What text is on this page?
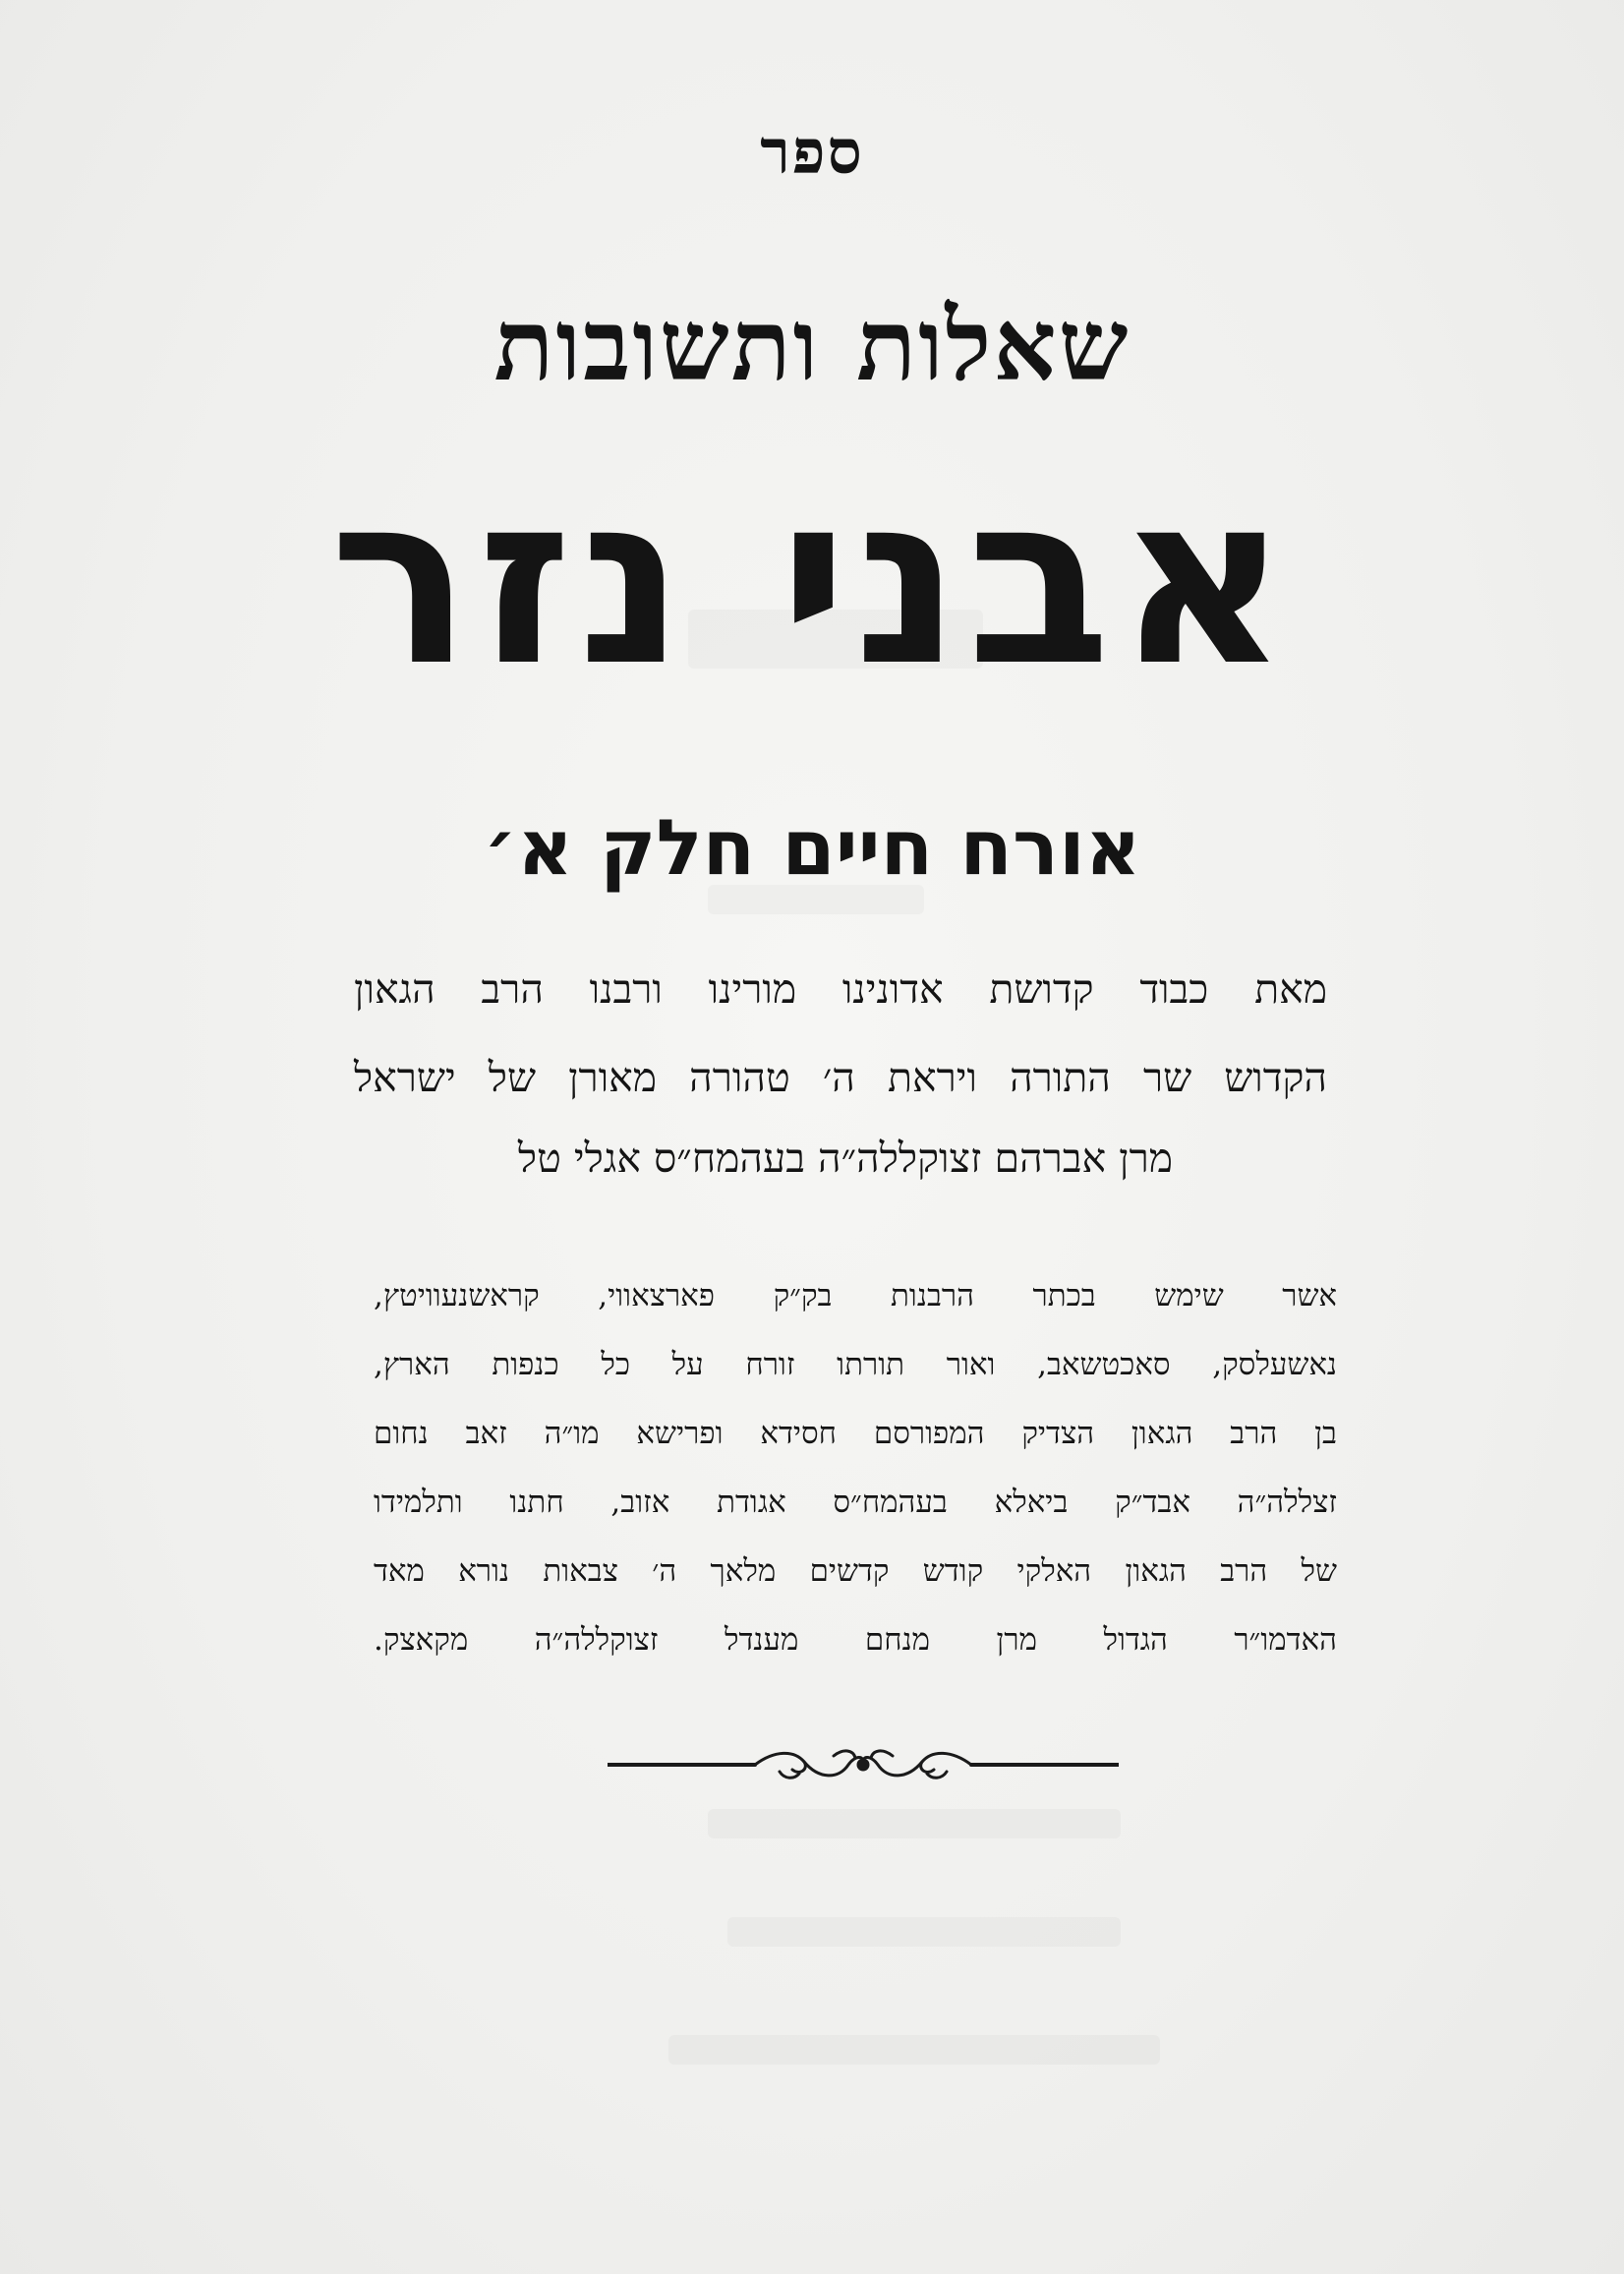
ספר
שאלות ותשובות
אבני נזר
אורח חיים חלק א׳
מאת כבוד קדושת אדונינו מורינו ורבנו הרב הגאון
הקדוש שר התורה ויראת ה׳ טהורה מאורן של ישראל
מרן אברהם זצוקללה״ה בעהמח״ס אגלי טל
אשר שימש בכתר הרבנות בק״ק פארצאווי, קראשנעוויטץ,
נאשעלסק, סאכטשאב, ואור תורתו זורח על כל כנפות הארץ,
בן הרב הגאון הצדיק המפורסם חסידא ופרישא מו״ה זאב נחום
זצללה״ה אבד״ק ביאלא בעהמח״ס אגודת אזוב, חתנו ותלמידו
של הרב הגאון האלקי קודש קדשים מלאך ה׳ צבאות נורא מאד
האדמו״ר הגדול מרן מנחם מענדל זצוקללה״ה מקאצק.
